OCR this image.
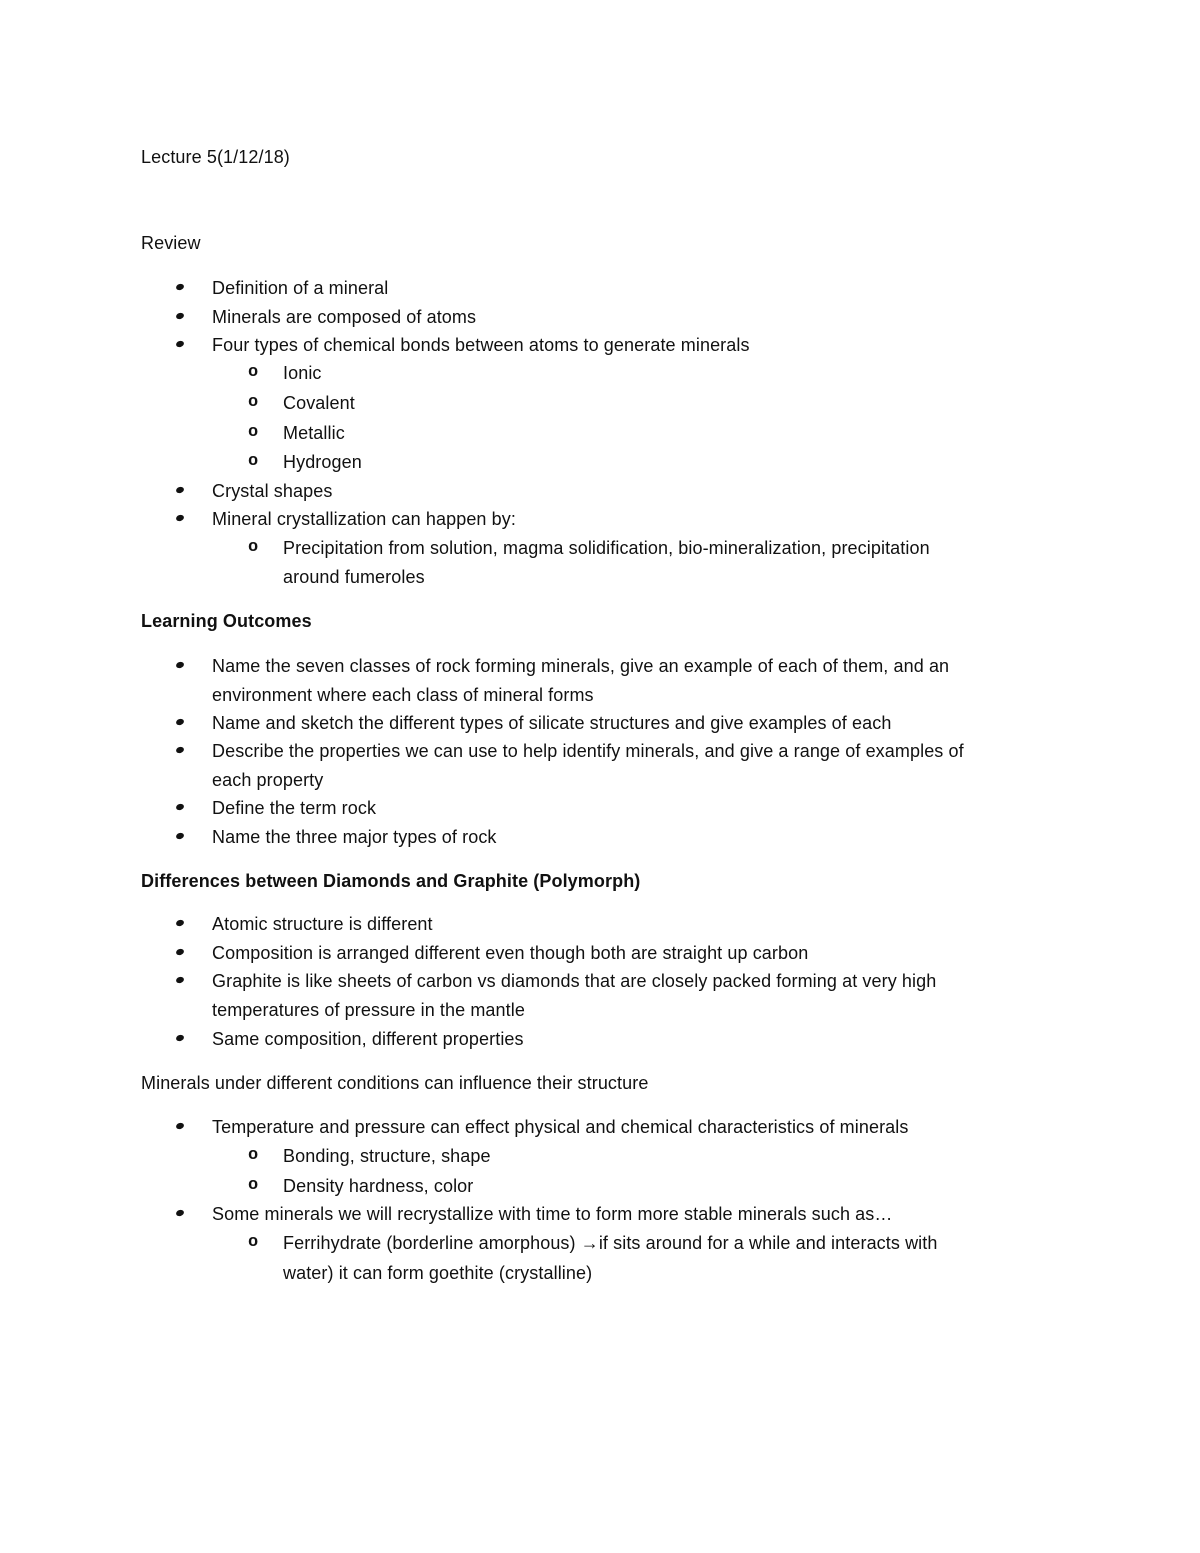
Lecture 5(1/12/18)
Review
Definition of a mineral
Minerals are composed of atoms
Four types of chemical bonds between atoms to generate minerals
o Ionic
o Covalent
o Metallic
o Hydrogen
Crystal shapes
Mineral crystallization can happen by:
o Precipitation from solution, magma solidification, bio-mineralization, precipitation
around fumeroles
Learning Outcomes
Name the seven classes of rock forming minerals, give an example of each of them, and an
environment where each class of mineral forms
Name and sketch the different types of silicate structures and give examples of each
Describe the properties we can use to help identify minerals, and give a range of examples of
each property
Define the term rock
Name the three major types of rock
Differences between Diamonds and Graphite (Polymorph)
Atomic structure is different
Composition is arranged different even though both are straight up carbon
Graphite is like sheets of carbon vs diamonds that are closely packed forming at very high
temperatures of pressure in the mantle
Same composition, different properties
Minerals under different conditions can influence their structure
Temperature and pressure can effect physical and chemical characteristics of minerals
o Bonding, structure, shape
o Density hardness, color
Some minerals we will recrystallize with time to form more stable minerals such as…
o Ferrihydrate (borderline amorphous) →if sits around for a while and interacts with
water) it can form goethite (crystalline)
